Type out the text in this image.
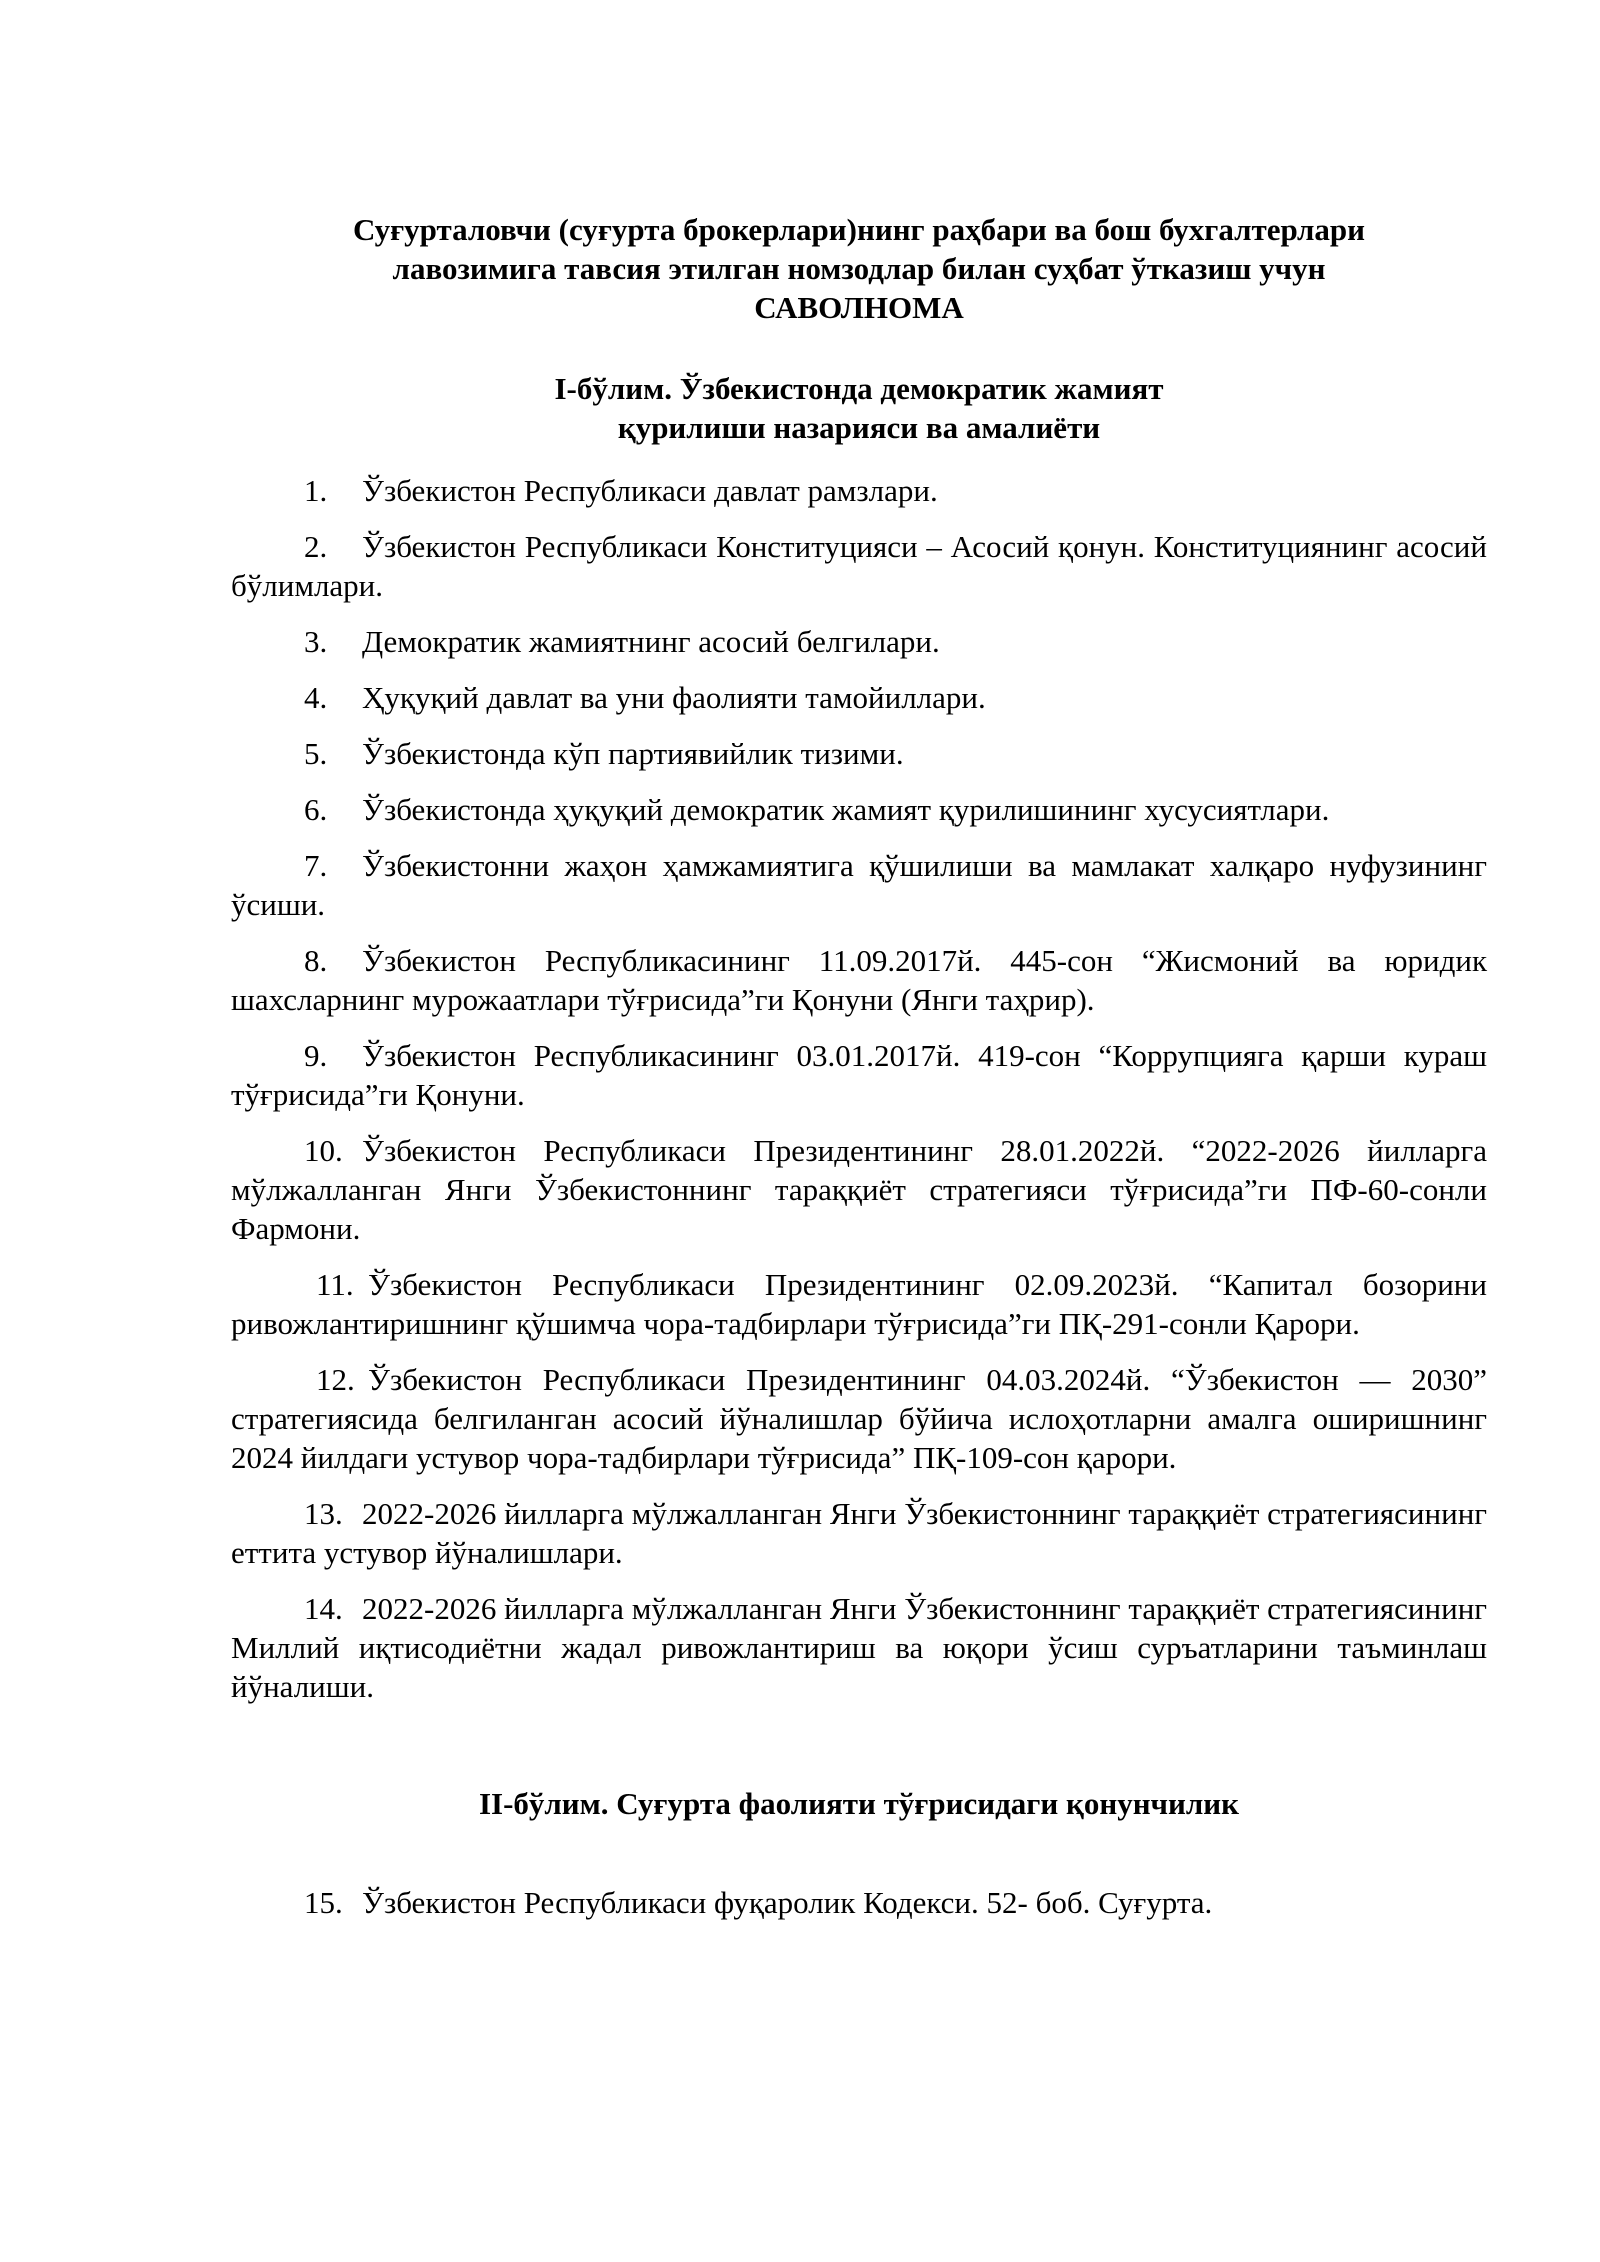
Суғурталовчи (суғурта брокерлари)нинг раҳбари ва бош бухгалтерлари
лавозимига тавсия этилган номзодлар билан суҳбат ўтказиш учун
САВОЛНОМА
I-бўлим. Ўзбекистонда демократик жамият
қурилиши назарияси ва амалиёти

1. Ўзбекистон Республикаси давлат рамзлари.

2. Ўзбекистон Республикаси Конституцияси – Асосий қонун. Конституциянинг асосий бўлимлари.

3. Демократик жамиятнинг асосий белгилари.

4. Ҳуқуқий давлат ва уни фаолияти тамойиллари.

5. Ўзбекистонда кўп партиявийлик тизими.

6. Ўзбекистонда ҳуқуқий демократик жамият қурилишининг хусусиятлари.

7. Ўзбекистонни жаҳон ҳамжамиятига қўшилиши ва мамлакат халқаро нуфузининг ўсиши.

8. Ўзбекистон Республикасининг 11.09.2017й. 445-сон “Жисмоний ва юридик шахсларнинг мурожаатлари тўғрисида”ги Қонуни (Янги таҳрир).

9. Ўзбекистон Республикасининг 03.01.2017й. 419-сон “Коррупцияга қарши кураш тўғрисида”ги Қонуни.

10. Ўзбекистон Республикаси Президентининг 28.01.2022й. “2022-2026 йилларга мўлжалланган Янги Ўзбекистоннинг тараққиёт стратегияси тўғрисида”ги ПФ-60-сонли Фармони.

11. Ўзбекистон Республикаси Президентининг 02.09.2023й. “Капитал бозорини ривожлантиришнинг қўшимча чора-тадбирлари тўғрисида”ги ПҚ-291-сонли Қарори.

12. Ўзбекистон Республикаси Президентининг 04.03.2024й. “Ўзбекистон — 2030” стратегиясида белгиланган асосий йўналишлар бўйича ислоҳотларни амалга оширишнинг 2024 йилдаги устувор чора-тадбирлари тўғрисида” ПҚ-109-сон қарори.

13. 2022-2026 йилларга мўлжалланган Янги Ўзбекистоннинг тараққиёт стратегиясининг еттита устувор йўналишлари.

14. 2022-2026 йилларга мўлжалланган Янги Ўзбекистоннинг тараққиёт стратегиясининг Миллий иқтисодиётни жадал ривожлантириш ва юқори ўсиш суръатларини таъминлаш йўналиши.

II-бўлим. Суғурта фаолияти тўғрисидаги қонунчилик

15. Ўзбекистон Республикаси фуқаролик Кодекси. 52- боб. Суғурта.
